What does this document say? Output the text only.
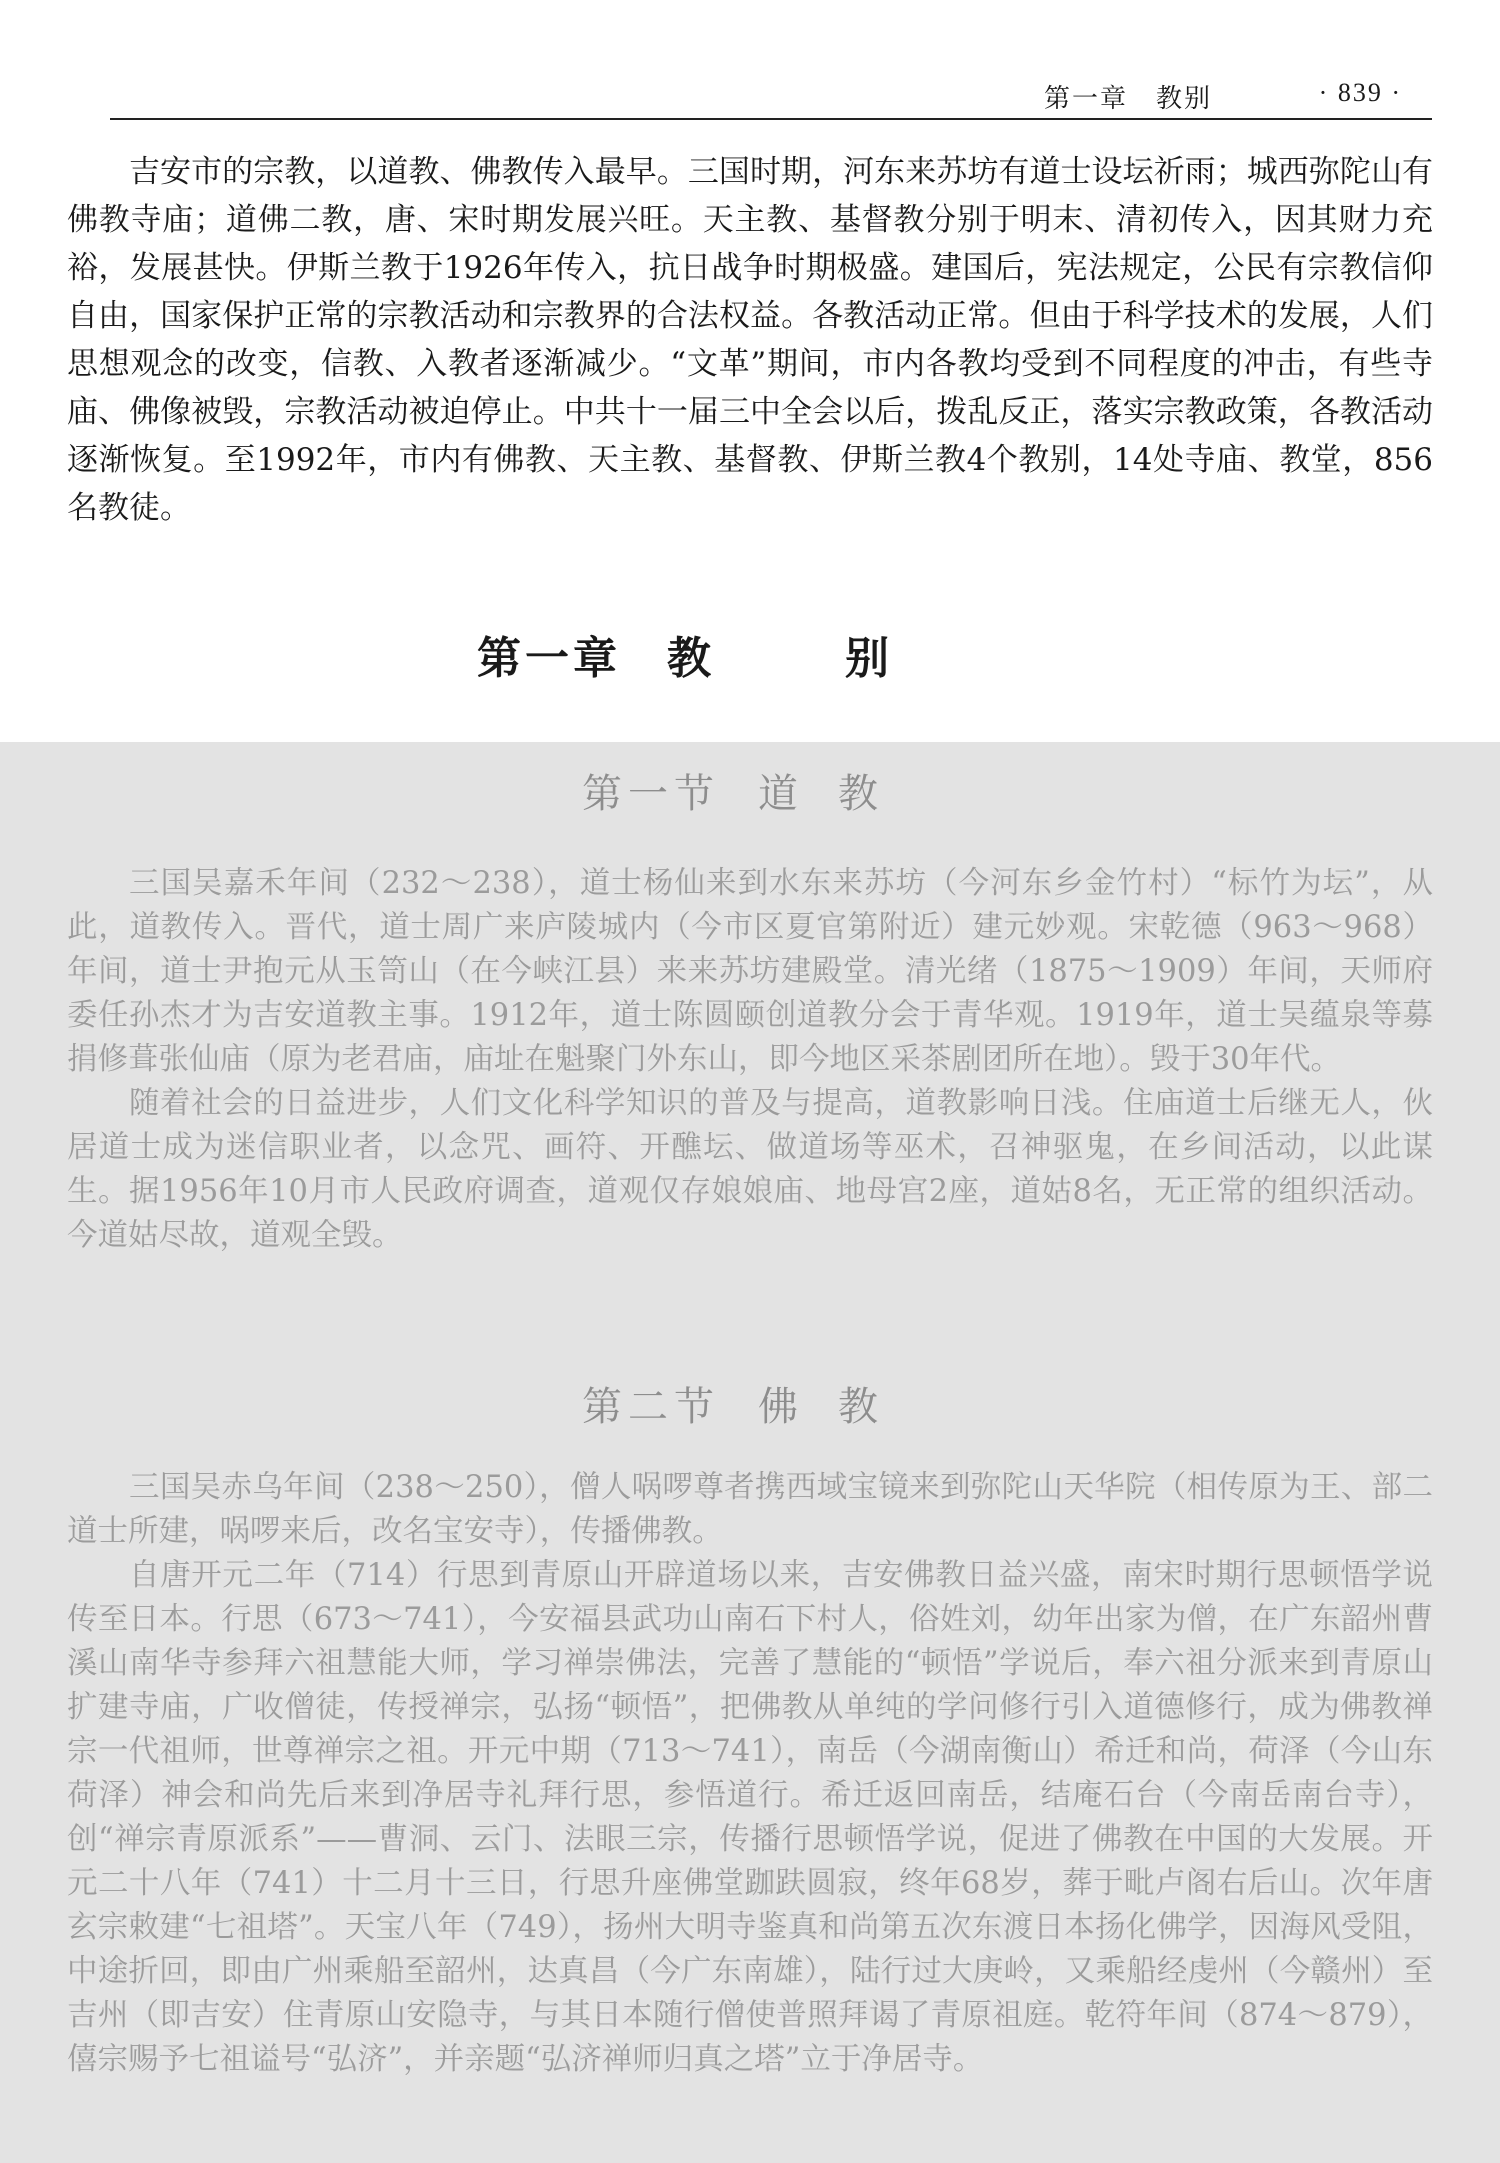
第一章　教别	· 839 ·

吉安市的宗教，以道教、佛教传入最早。三国时期，河东来苏坊有道士设坛祈雨；城西弥陀山有佛教寺庙；道佛二教，唐、宋时期发展兴旺。天主教、基督教分别于明末、清初传入，因其财力充裕，发展甚快。伊斯兰教于1926年传入，抗日战争时期极盛。建国后，宪法规定，公民有宗教信仰自由，国家保护正常的宗教活动和宗教界的合法权益。各教活动正常。但由于科学技术的发展，人们思想观念的改变，信教、入教者逐渐减少。“文革”期间，市内各教均受到不同程度的冲击，有些寺庙、佛像被毁，宗教活动被迫停止。中共十一届三中全会以后，拨乱反正，落实宗教政策，各教活动逐渐恢复。至1992年，市内有佛教、天主教、基督教、伊斯兰教4个教别，14处寺庙、教堂，856名教徒。

第一章 教别
第一节 道教

三国吴嘉禾年间（232～238），道士杨仙来到水东来苏坊（今河东乡金竹村）“标竹为坛”，从此，道教传入。晋代，道士周广来庐陵城内（今市区夏官第附近）建元妙观。宋乾德（963～968）年间，道士尹抱元从玉笥山（在今峡江县）来来苏坊建殿堂。清光绪（1875～1909）年间，天师府委任孙杰才为吉安道教主事。1912年，道士陈圆颐创道教分会于青华观。1919年，道士吴蕴泉等募捐修葺张仙庙（原为老君庙，庙址在魁聚门外东山，即今地区采茶剧团所在地）。毁于30年代。

随着社会的日益进步，人们文化科学知识的普及与提高，道教影响日浅。住庙道士后继无人，伙居道士成为迷信职业者，以念咒、画符、开醮坛、做道场等巫术，召神驱鬼，在乡间活动，以此谋生。据1956年10月市人民政府调查，道观仅存娘娘庙、地母宫2座，道姑8名，无正常的组织活动。今道姑尽故，道观全毁。

第二节 佛教

三国吴赤乌年间（238～250），僧人㖞啰尊者携西域宝镜来到弥陀山天华院（相传原为王、部二道士所建，㖞啰来后，改名宝安寺），传播佛教。

自唐开元二年（714）行思到青原山开辟道场以来，吉安佛教日益兴盛，南宋时期行思顿悟学说传至日本。行思（673～741），今安福县武功山南石下村人，俗姓刘，幼年出家为僧，在广东韶州曹溪山南华寺参拜六祖慧能大师，学习禅崇佛法，完善了慧能的“顿悟”学说后，奉六祖分派来到青原山扩建寺庙，广收僧徒，传授禅宗，弘扬“顿悟”，把佛教从单纯的学问修行引入道德修行，成为佛教禅宗一代祖师，世尊禅宗之祖。开元中期（713～741），南岳（今湖南衡山）希迁和尚，荷泽（今山东荷泽）神会和尚先后来到净居寺礼拜行思，参悟道行。希迁返回南岳，结庵石台（今南岳南台寺），创“禅宗青原派系”——曹洞、云门、法眼三宗，传播行思顿悟学说，促进了佛教在中国的大发展。开元二十八年（741）十二月十三日，行思升座佛堂跏趺圆寂，终年68岁，葬于毗卢阁右后山。次年唐玄宗敕建“七祖塔”。天宝八年（749），扬州大明寺鉴真和尚第五次东渡日本扬化佛学，因海风受阻，中途折回，即由广州乘船至韶州，达真昌（今广东南雄），陆行过大庚岭，又乘船经虔州（今赣州）至吉州（即吉安）住青原山安隐寺，与其日本随行僧使普照拜谒了青原祖庭。乾符年间（874～879），僖宗赐予七祖谥号“弘济”，并亲题“弘济禅师归真之塔”立于净居寺。
